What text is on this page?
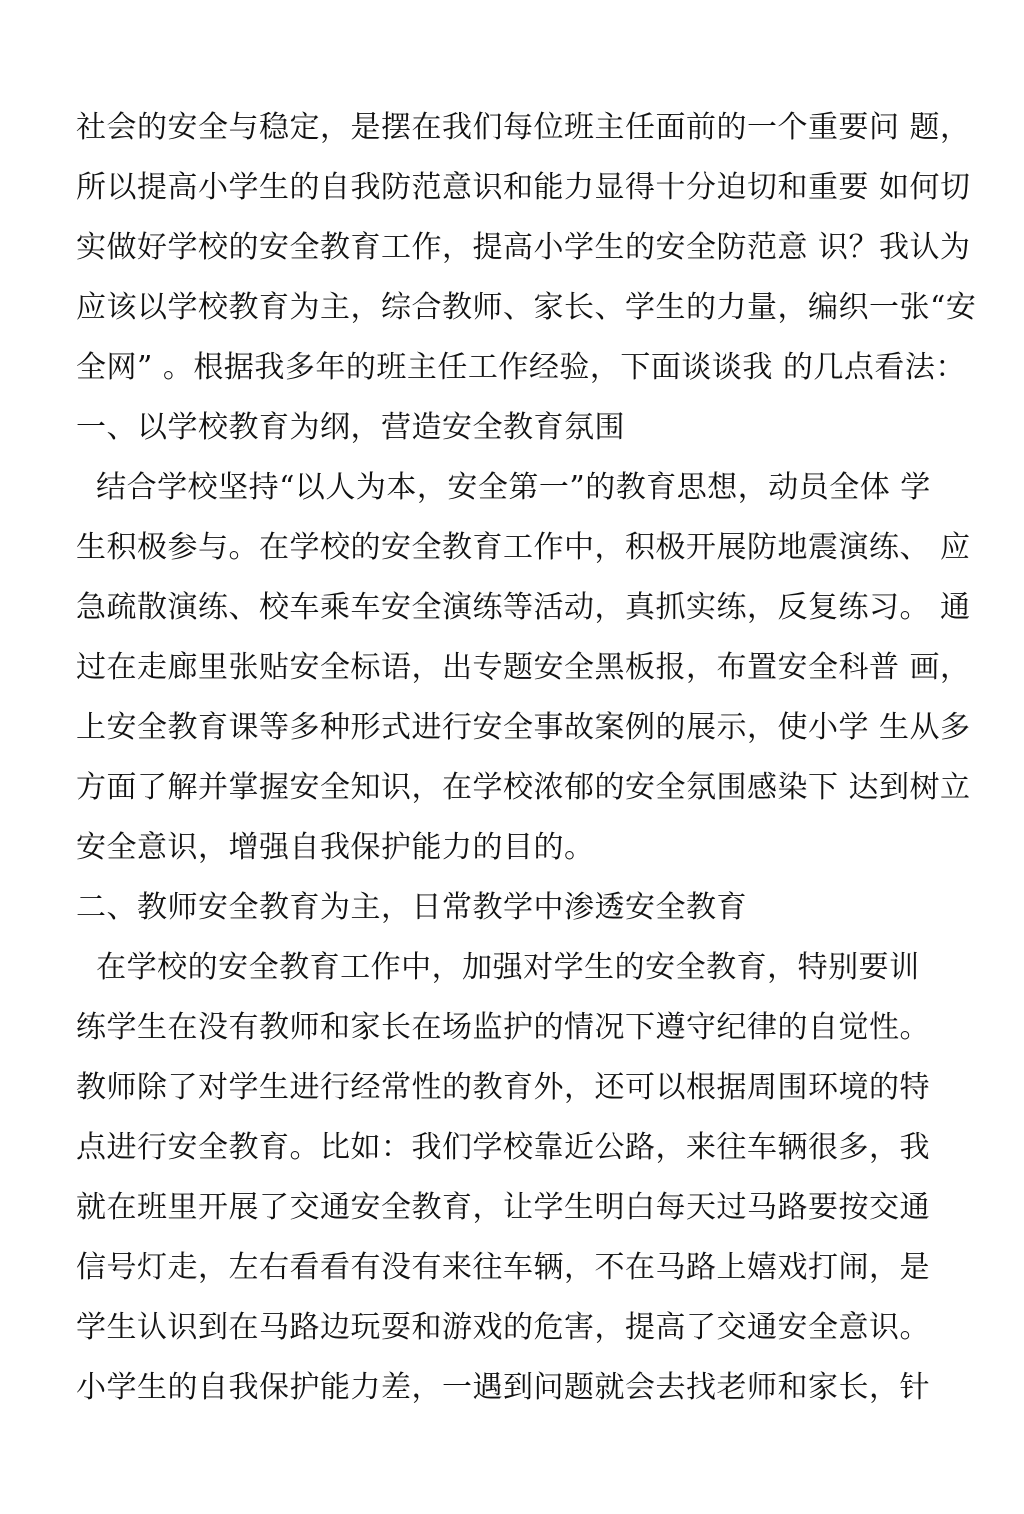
社会的安全与稳定，是摆在我们每位班主任面前的一个重要问 题，
所以提高小学生的自我防范意识和能力显得十分迫切和重要 如何切
实做好学校的安全教育工作，提高小学生的安全防范意 识？我认为
应该以学校教育为主，综合教师、家长、学生的力量，编织一张“安
全网” 。根据我多年的班主任工作经验，下面谈谈我 的几点看法：
一、以学校教育为纲，营造安全教育氛围
结合学校坚持“以人为本，安全第一”的教育思想，动员全体 学
生积极参与。在学校的安全教育工作中，积极开展防地震演练、 应
急疏散演练、校车乘车安全演练等活动，真抓实练，反复练习。 通
过在走廊里张贴安全标语，出专题安全黑板报，布置安全科普 画，
上安全教育课等多种形式进行安全事故案例的展示，使小学 生从多
方面了解并掌握安全知识，在学校浓郁的安全氛围感染下 达到树立
安全意识，增强自我保护能力的目的。
二、教师安全教育为主，日常教学中渗透安全教育
在学校的安全教育工作中，加强对学生的安全教育，特别要训
练学生在没有教师和家长在场监护的情况下遵守纪律的自觉性。
教师除了对学生进行经常性的教育外，还可以根据周围环境的特
点进行安全教育。比如：我们学校靠近公路，来往车辆很多，我
就在班里开展了交通安全教育，让学生明白每天过马路要按交通
信号灯走，左右看看有没有来往车辆，不在马路上嬉戏打闹，是
学生认识到在马路边玩耍和游戏的危害，提高了交通安全意识。
小学生的自我保护能力差，一遇到问题就会去找老师和家长，针
